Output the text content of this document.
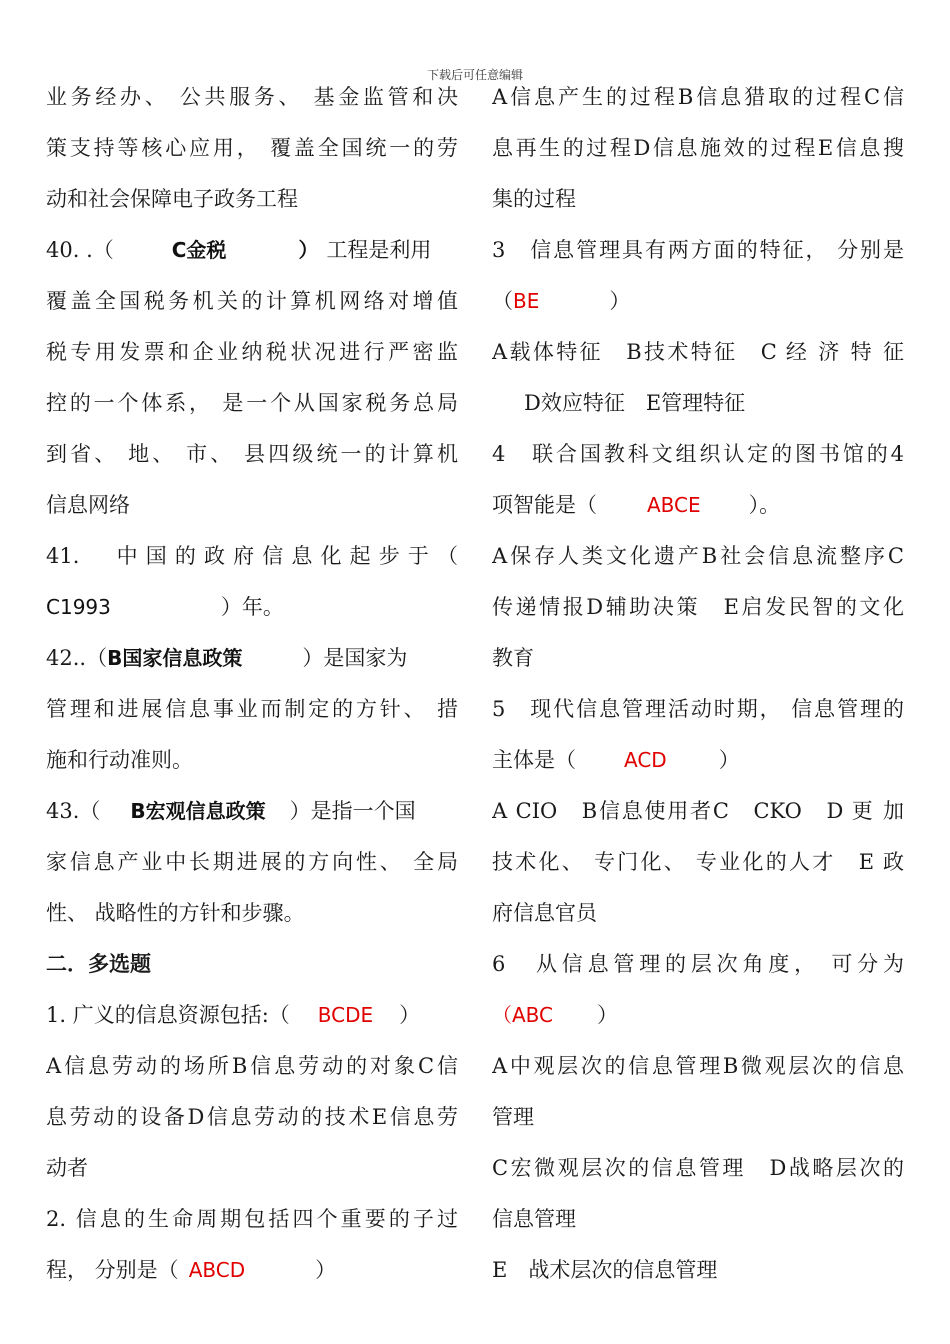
下载后可任意编辑
业务经办、 公共服务、 基金监管和决
策支持等核心应用， 覆盖全国统一的劳
动和社会保障电子政务工程
40. .（	C金税	） 工程是利用
覆盖全国税务机关的计算机网络对增值
税专用发票和企业纳税状况进行严密监
控的一个体系， 是一个从国家税务总局
到省、 地、 市、 县四级统一的计算机
信息网络
41.　中国的政府信息化起步于（
C1993	）年。
42..（B国家信息政策	）是国家为
管理和进展信息事业而制定的方针、 措
施和行动准则。
43.（ B宏观信息政策 ）是指一个国
家信息产业中长期进展的方向性、 全局
性、 战略性的方针和步骤。
二．多选题
1. 广义的信息资源包括:（ BCDE ）
A信息劳动的场所B信息劳动的对象C信
息劳动的设备D信息劳动的技术E信息劳
动者
2. 信息的生命周期包括四个重要的子过
程， 分别是（ ABCD	）
A信息产生的过程B信息猎取的过程C信
息再生的过程D信息施效的过程E信息搜
集的过程
3　信息管理具有两方面的特征， 分别是
（BE	）
A载体特征　B技术特征　C 经 济 特 征
D效应特征　E管理特征
4　联合国教科文组织认定的图书馆的4
项智能是（	ABCE ）。
A保存人类文化遗产B社会信息流整序C
传递情报D辅助决策　E启发民智的文化
教育
5　现代信息管理活动时期， 信息管理的
主体是（ ACD ）
A CIO　B信息使用者C　CKO　D 更 加
技术化、 专门化、 专业化的人才　E 政
府信息官员
6　从信息管理的层次角度， 可分为
（ABC ）
A中观层次的信息管理B微观层次的信息
管理
C宏微观层次的信息管理　D战略层次的
信息管理
E　战术层次的信息管理
